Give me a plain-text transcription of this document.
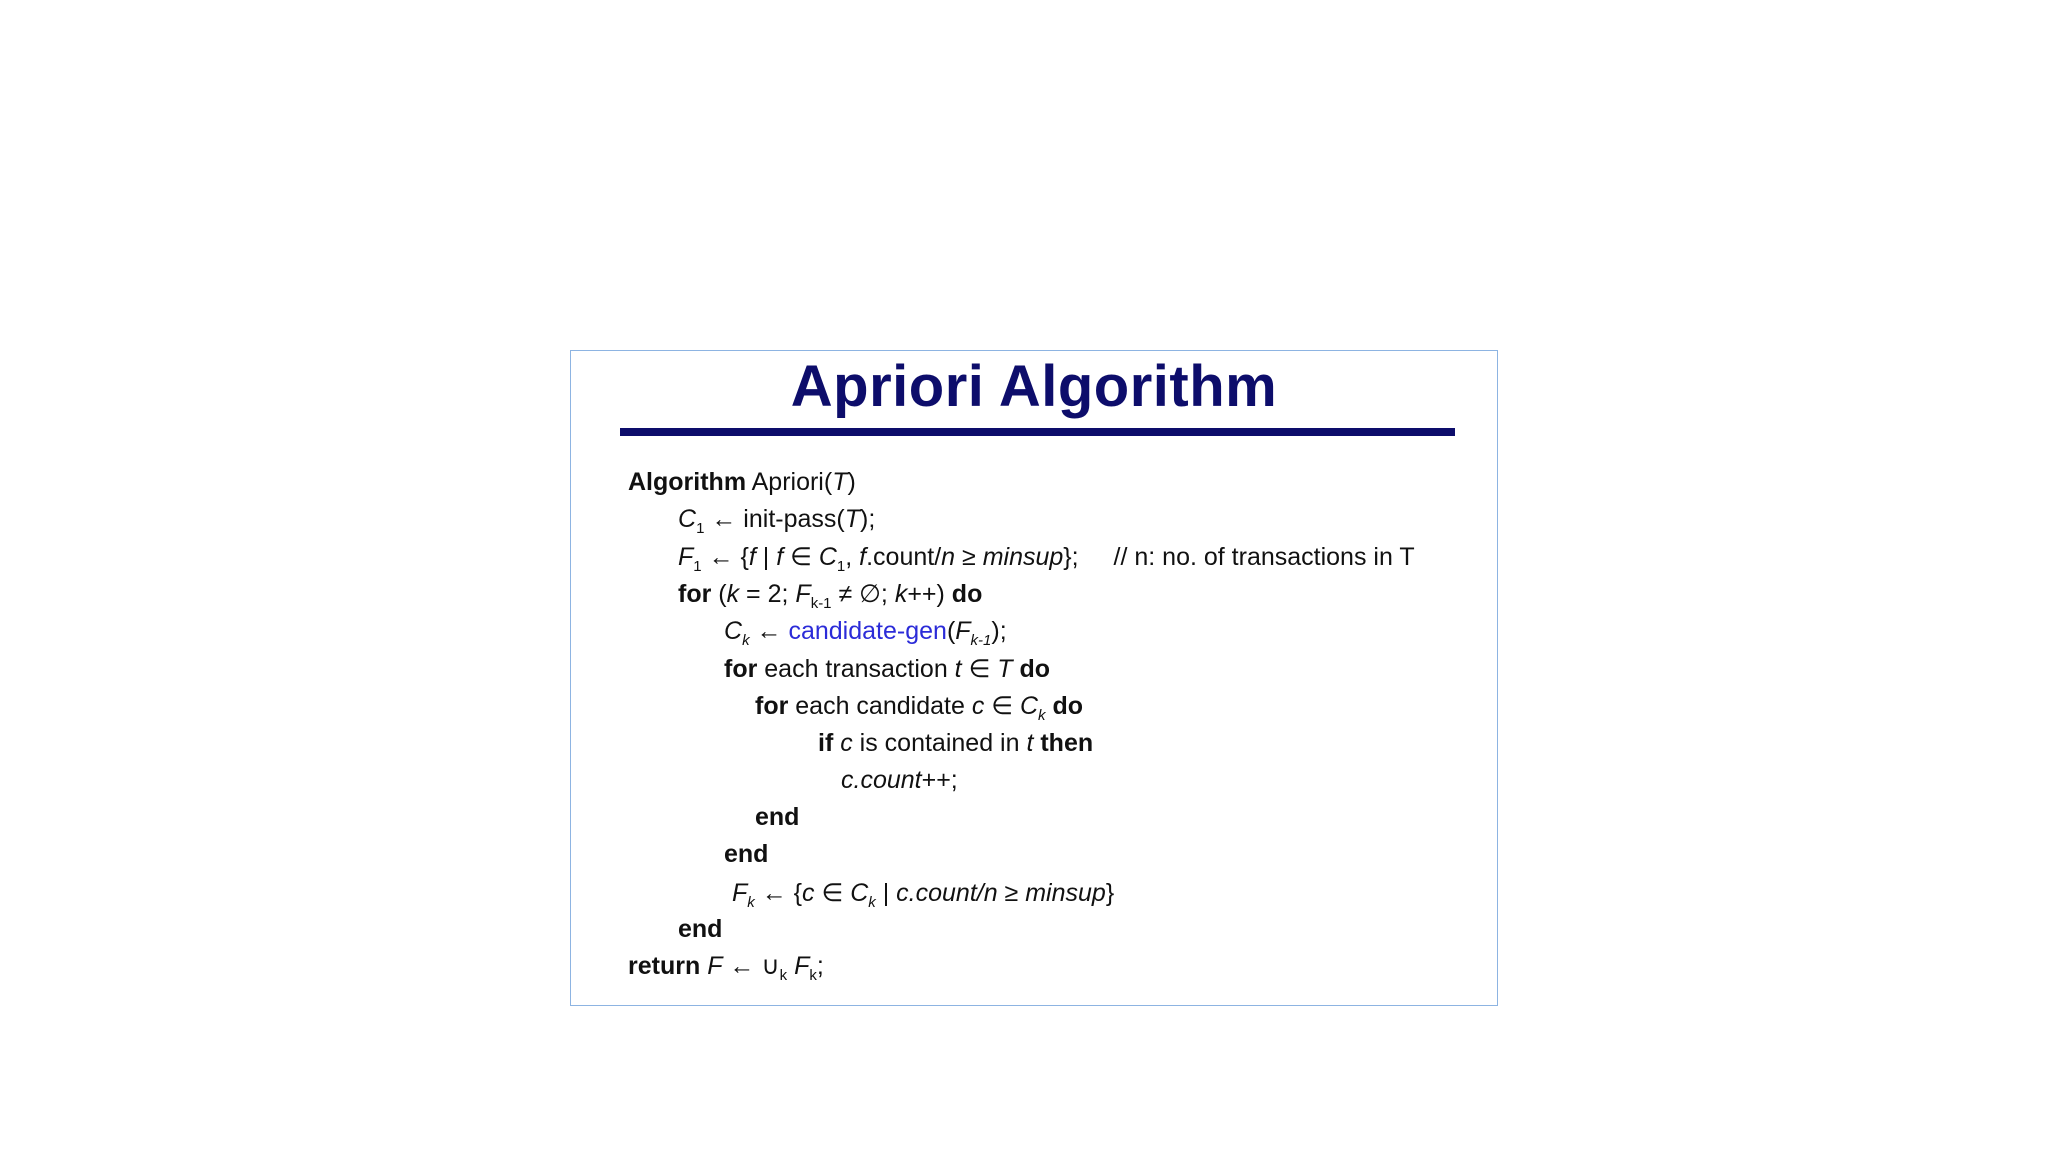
Apriori Algorithm
Algorithm Apriori(T)
$C_1$ ← init-pass(T);
$F_1$ ← {f | f ∈ $C_1$, f.count/n ≥ minsup}; // n: no. of transactions in T
for (k = 2; $F_{k-1}$ ≠ ∅; k++) do
$C_k$ ← candidate-$gen(F_{k-1})$;
for each transaction t ∈ T do
for each candidate c ∈ $C_k$ do
if c is contained in t then
c.count++;
end
end
$F_k$ ← {c ∈ $C_k$ | c.count/n ≥ minsup}
end
return F ← $\cup_k$ $F_k$;
